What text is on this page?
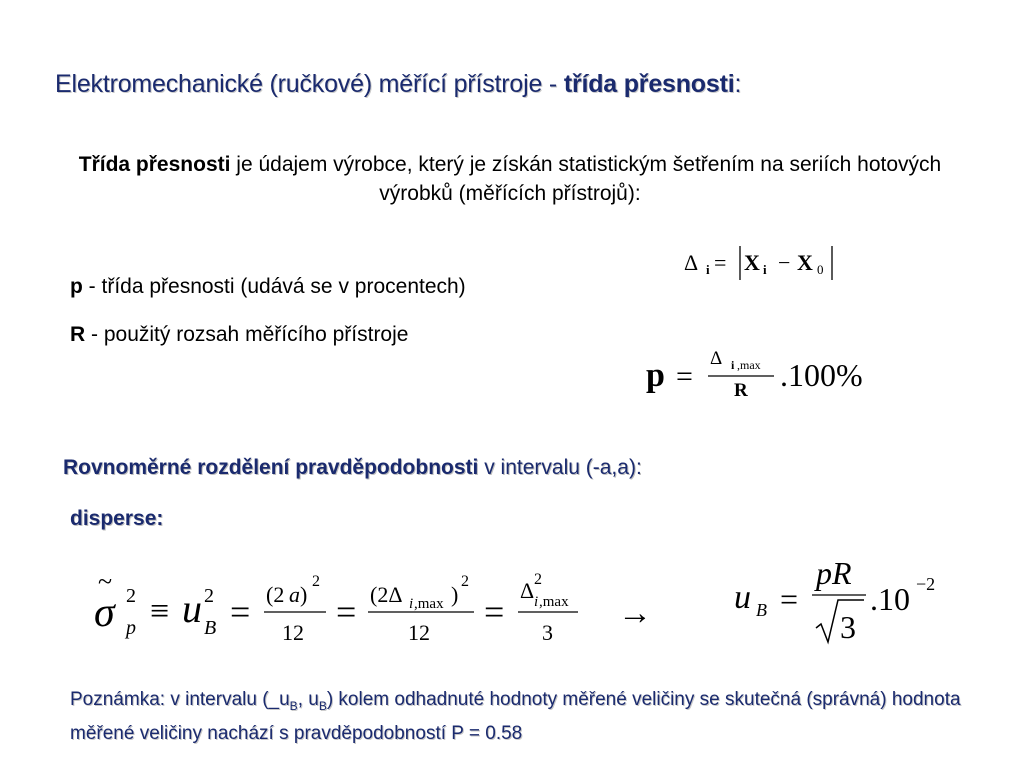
Elektromechanické (ručkové) měřící přístroje - třída přesnosti:
Třída přesnosti je údajem výrobce, který je získán statistickým šetřením na seriích hotových výrobků (měřících přístrojů):
p - třída přesnosti (udává se v procentech)
R - použitý rozsah měřícího přístroje
Δ i = X i − X 0
p =
Δ i ,max
R .100%
Rovnoměrné rozdělení pravděpodobnosti v intervalu (-a,a):
disperse:
σ
~ 2
p ≡ u 2
B = (2 a )
2
12
= (2Δ i ,max )
2
12
=
Δ 2
i ,max
3
→ u B =
pR
3
.10 −2
Poznámka: v intervalu ($\_u_B$, $u_B$) kolem odhadnuté hodnoty měřené veličiny se skutečná (správná) hodnota měřené veličiny nachází s pravděpodobností P = 0.58
